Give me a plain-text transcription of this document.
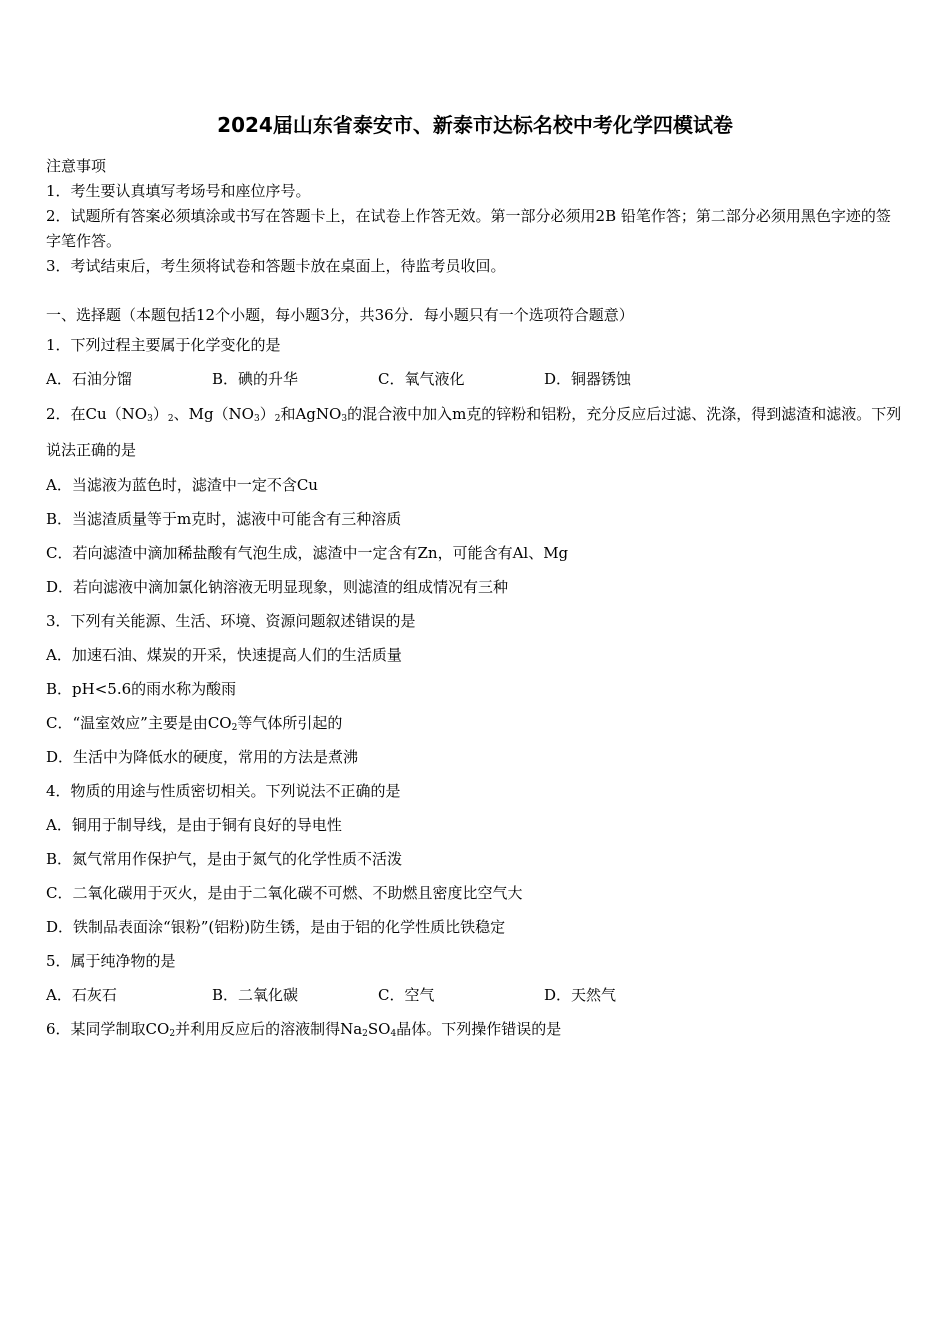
2024届山东省泰安市、新泰市达标名校中考化学四模试卷

注意事项

1．考生要认真填写考场号和座位序号。

2．试题所有答案必须填涂或书写在答题卡上，在试卷上作答无效。第一部分必须用2B 铅笔作答；第二部分必须用黑色字迹的签字笔作答。

3．考试结束后，考生须将试卷和答题卡放在桌面上，待监考员收回。

一、选择题（本题包括12个小题，每小题3分，共36分．每小题只有一个选项符合题意）

1．下列过程主要属于化学变化的是

A．石油分馏	B．碘的升华	C．氧气液化	D．铜器锈蚀

2．在$Cu(NO_3)_2$、$Mg(NO_3)_2$和AgNO$_3$的混合液中加入m克的锌粉和铝粉，充分反应后过滤、洗涤，得到滤渣和滤液。下列说法正确的是

A．当滤液为蓝色时，滤渣中一定不含Cu

B．当滤渣质量等于m克时，滤液中可能含有三种溶质

C．若向滤渣中滴加稀盐酸有气泡生成，滤渣中一定含有Zn，可能含有Al、Mg

D．若向滤液中滴加氯化钠溶液无明显现象，则滤渣的组成情况有三种

3．下列有关能源、生活、环境、资源问题叙述错误的是

A．加速石油、煤炭的开采，快速提高人们的生活质量

B．pH<5.6的雨水称为酸雨

C．“温室效应”主要是由$CO_2$等气体所引起的

D．生活中为降低水的硬度，常用的方法是煮沸

4．物质的用途与性质密切相关。下列说法不正确的是

A．铜用于制导线，是由于铜有良好的导电性

B．氮气常用作保护气，是由于氮气的化学性质不活泼

C．二氧化碳用于灭火，是由于二氧化碳不可燃、不助燃且密度比空气大

D．铁制品表面涂“银粉”(铝粉)防生锈，是由于铝的化学性质比铁稳定

5．属于纯净物的是

A．石灰石	B．二氧化碳	C．空气	D．天然气

6．某同学制取$CO_2$并利用反应后的溶液制得$Na_2SO_4$晶体。下列操作错误的是
